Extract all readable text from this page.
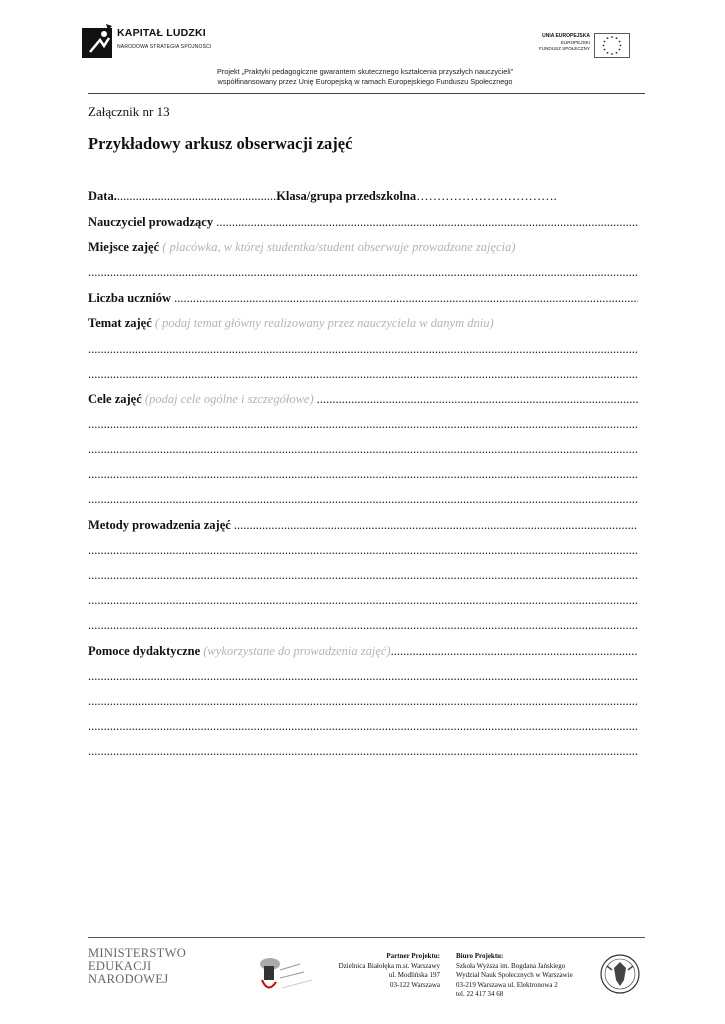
KAPITAŁ LUDZKI
NARODOWA STRATEGIA SPÓJNOŚCI
UNIA EUROPEJSKA
EUROPEJSKI
FUNDUSZ SPOŁECZNY
Projekt „Praktyki pedagogiczne gwarantem skutecznego kształcenia przyszłych nauczycieli”
współfinansowany przez Unię Europejską w ramach Europejskiego Funduszu Społecznego
Załącznik nr 13
Przykładowy arkusz obserwacji zajęć
Data....................................................Klasa/grupa przedszkolna…………………………….
Nauczyciel prowadzący .....
Miejsce zajęć ( placówka, w której studentka/student obserwuje prowadzone zajęcia)
.....
Liczba uczniów .....
Temat zajęć ( podaj temat główny realizowany przez nauczyciela w danym dniu)
.....
.....
Cele zajęć (podaj cele ogólne i szczegółowe) .....
.....
.....
.....
.....
Metody prowadzenia zajęć .....
.....
.....
.....
.....
Pomoce dydaktyczne (wykorzystane do prowadzenia zajęć) .....
.....
.....
.....
.....
MINISTERSTWO
EDUKACJI
NARODOWEJ
Partner Projektu:
Dzielnica Białołęka m.st. Warszawy
ul. Modlińska 197
03-122 Warszawa
Biuro Projektu:
Szkoła Wyższa im. Bogdana Jańskiego
Wydział Nauk Społecznych w Warszawie
03-219 Warszawa ul. Elektronowa 2
tel. 22 417 34 68
